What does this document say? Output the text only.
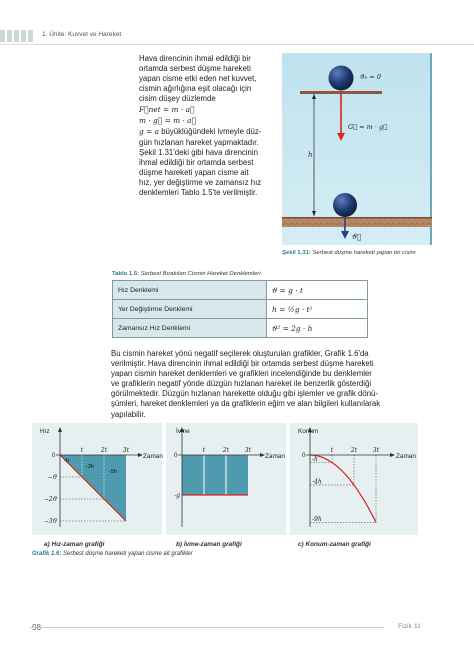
1. Ünite: Kuvvet ve Hareket
Hava direncinin ihmal edildiği bir
ortamda serbest düşme hareketi
yapan cisme etki eden net kuvvet,
cismin ağırlığına eşit olacağı için
cisim düşey düzlemde
F⃗net = m · a⃗
m · g⃗ = m · a⃗
g = a büyüklüğündeki ivmeyle düz-
gün hızlanan hareket yapmaktadır.
Şekil 1.31'deki gibi hava direncinin
ihmal edildiği bir ortamda serbest
düşme hareketi yapan cisme ait
hız, yer değiştirme ve zamansız hız
denklemleri Tablo 1.5'te verilmiştir.
ϑ₀ = 0
G⃗ = m · g⃗
h
ϑ⃗
Şekil 1.31: Serbest düşme hareketi yapan bir cisim
Tablo 1.5: Serbest Bırakılan Cismin Hareket Denklemleri
Hız Denklemi	ϑ = g · t
Yer Değiştirme Denklemi	h = ½g · t²
Zamansız Hız Denklemi	ϑ² = 2g · h
Bu cismin hareket yönü negatif seçilerek oluşturulan grafikler, Grafik 1.6'da
verilmiştir. Hava direncinin ihmal edildiği bir ortamda serbest düşme hareketi
yapan cismin hareket denklemleri ve grafikleri incelendiğinde bu denklemler
ve grafiklerin negatif yönde düzgün hızlanan hareket ile benzerlik gösterdiği
görülmektedir. Düzgün hızlanan harekette olduğu gibi işlemler ve grafik dönü-
şümleri, hareket denklemleri ya da grafiklerin eğim ve alan bilgileri kullanılarak
yapılabilir.
Hız
Zaman
0
t	2t	3t
−ϑ
−2ϑ
−3ϑ
-h
-3h
-5h
İvme
Zaman
0
t	2t	3t
-g
Konum
Zaman
0
t	2t	3t
-h
-4h
-9h
a) Hız-zaman grafiği	b) İvme-zaman grafiği	c) Konum-zaman grafiği
Grafik 1.6: Serbest düşme hareketi yapan cisme ait grafikler
Fizik 11
